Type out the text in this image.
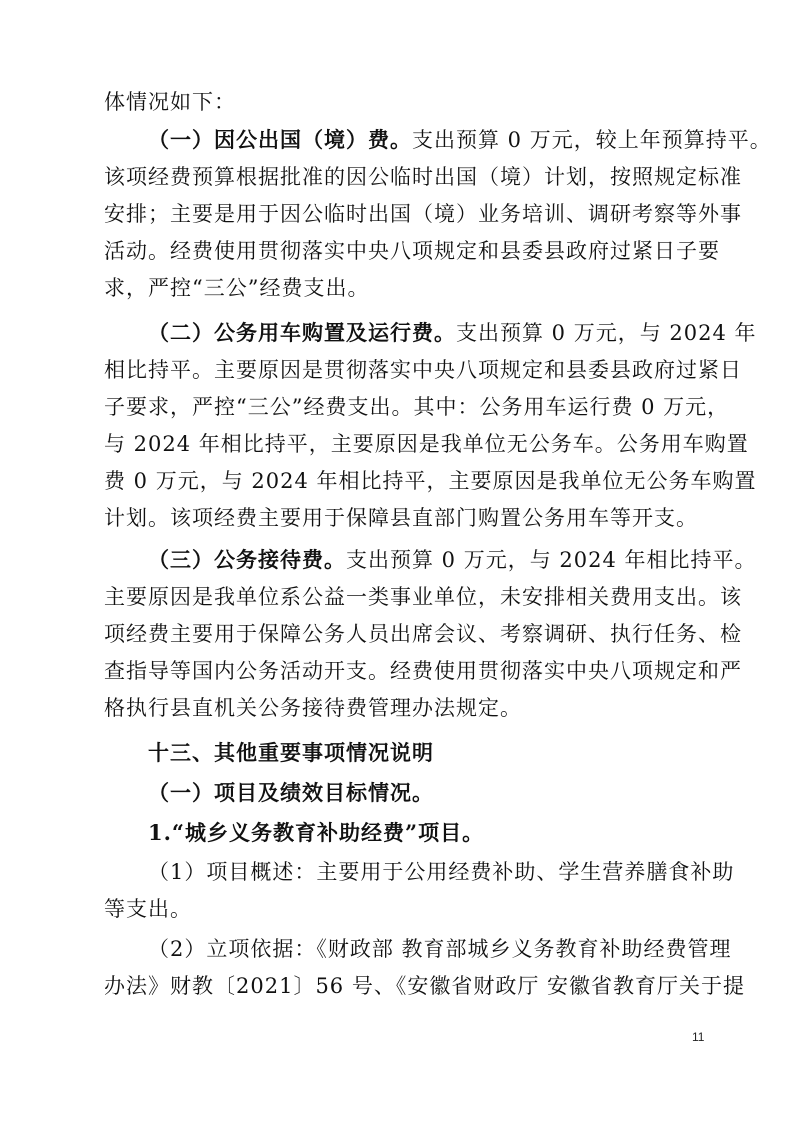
体情况如下：
（一）因公出国（境）费。支出预算 0 万元，较上年预算持平。
该项经费预算根据批准的因公临时出国（境）计划，按照规定标准
安排；主要是用于因公临时出国（境）业务培训、调研考察等外事
活动。经费使用贯彻落实中央八项规定和县委县政府过紧日子要
求，严控“三公”经费支出。
（二）公务用车购置及运行费。支出预算 0 万元，与 2024 年
相比持平。主要原因是贯彻落实中央八项规定和县委县政府过紧日
子要求，严控“三公”经费支出。其中：公务用车运行费 0 万元，
与 2024 年相比持平，主要原因是我单位无公务车。公务用车购置
费 0 万元，与 2024 年相比持平，主要原因是我单位无公务车购置
计划。该项经费主要用于保障县直部门购置公务用车等开支。
（三）公务接待费。支出预算 0 万元，与 2024 年相比持平。
主要原因是我单位系公益一类事业单位，未安排相关费用支出。该
项经费主要用于保障公务人员出席会议、考察调研、执行任务、检
查指导等国内公务活动开支。经费使用贯彻落实中央八项规定和严
格执行县直机关公务接待费管理办法规定。
十三、其他重要事项情况说明
（一）项目及绩效目标情况。
1.“城乡义务教育补助经费”项目。
（1）项目概述：主要用于公用经费补助、学生营养膳食补助
等支出。
（2）立项依据：《财政部 教育部城乡义务教育补助经费管理
办法》财教〔2021〕56 号、《安徽省财政厅 安徽省教育厅关于提
11
